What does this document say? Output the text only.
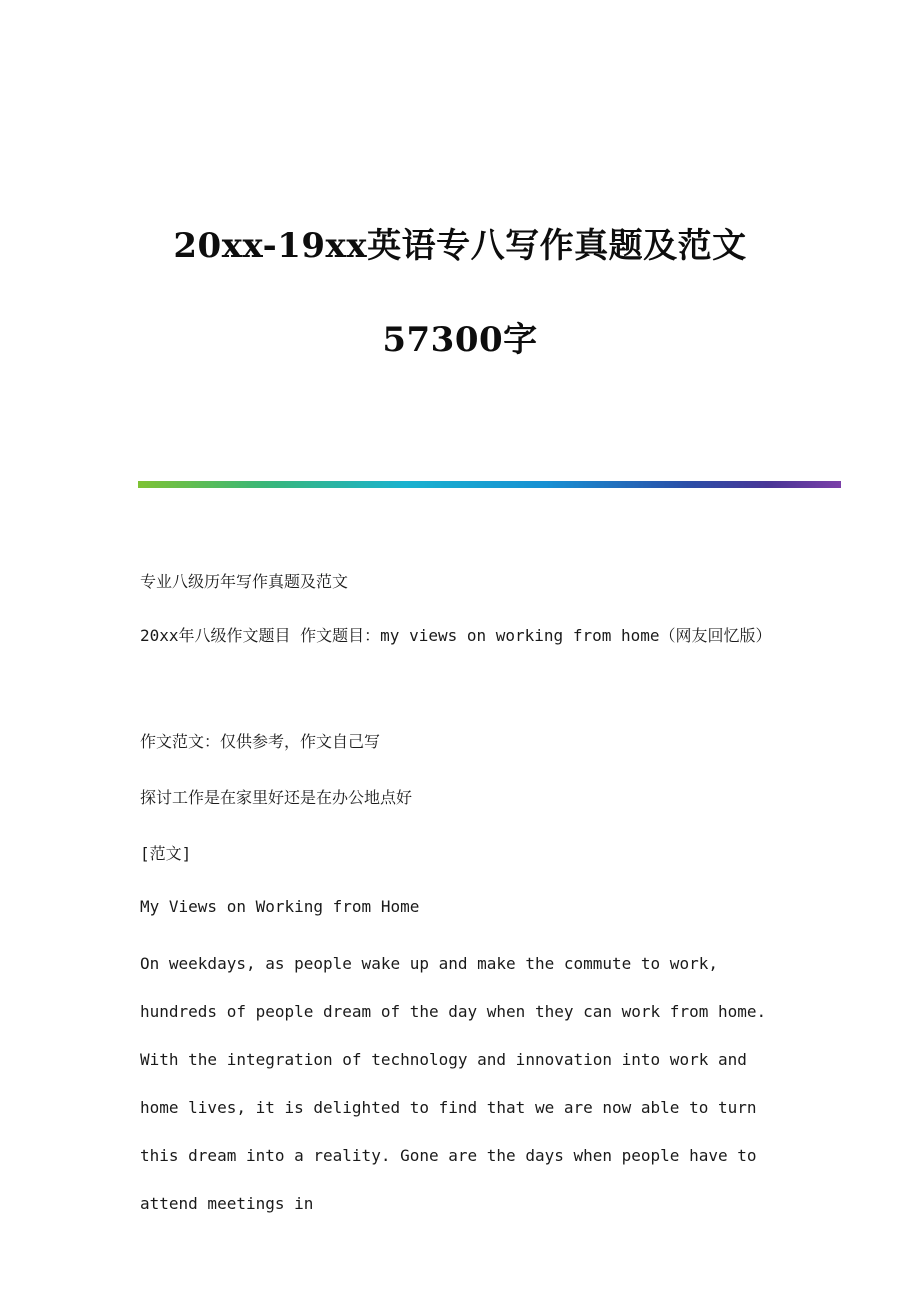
20xx-19xx英语专八写作真题及范文
57300字

专业八级历年写作真题及范文

20xx年八级作文题目 作文题目：my views on working from home（网友回忆版）

作文范文：仅供参考，作文自己写

探讨工作是在家里好还是在办公地点好

[范文]

My Views on Working from Home

On weekdays, as people wake up and make the commute to work, hundreds of people dream of the day when they can work from home. With the integration of technology and innovation into work and home lives, it is delighted to find that we are now able to turn this dream into a reality. Gone are the days when people have to attend meetings in
